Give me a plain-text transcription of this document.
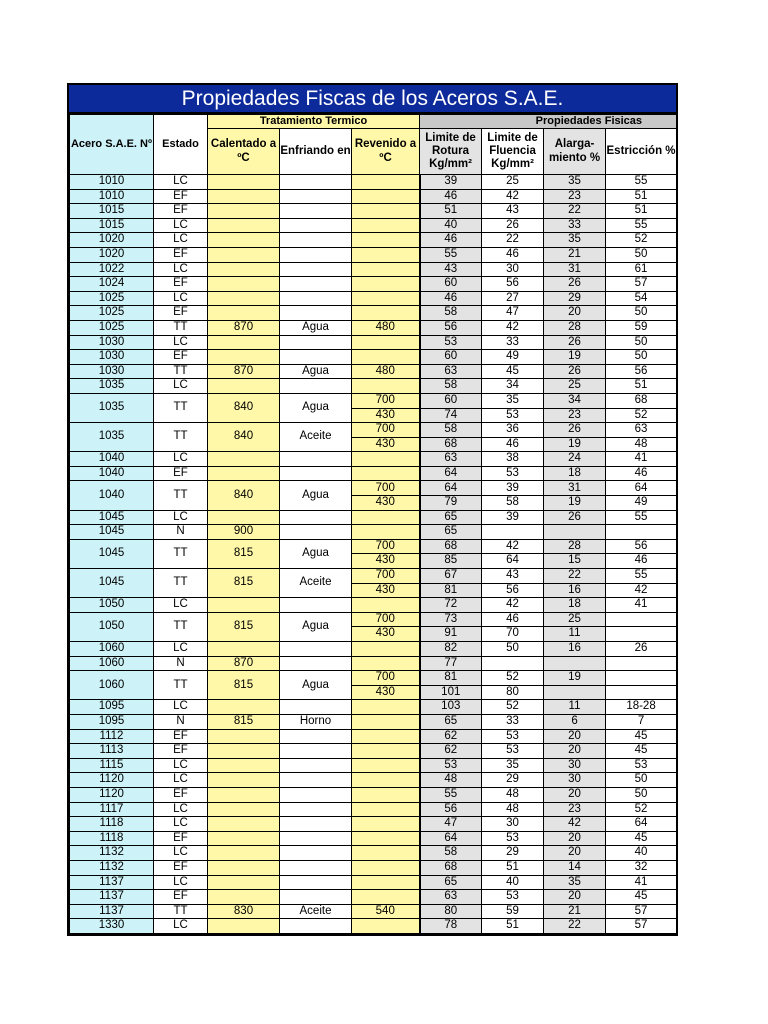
Propiedades Fiscas de los Aceros S.A.E.
Acero S.A.E. Nº	Estado	Tratamiento Termico			Propiedades Fisicas			
		Calentado a ºC	Enfriando en	Revenido a ºC	Limite de Rotura Kg/mm²	Limite de Fluencia Kg/mm²	Alarga- miento %	Estricción %
1010	LC				39	25	35	55
1010	EF				46	42	23	51
1015	EF				51	43	22	51
1015	LC				40	26	33	55
1020	LC				46	22	35	52
1020	EF				55	46	21	50
1022	LC				43	30	31	61
1024	EF				60	56	26	57
1025	LC				46	27	29	54
1025	EF				58	47	20	50
1025	TT	870	Agua	480	56	42	28	59
1030	LC				53	33	26	50
1030	EF				60	49	19	50
1030	TT	870	Agua	480	63	45	26	56
1035	LC				58	34	25	51
1035	TT	840	Agua	700	60	35	34	68
				430	74	53	23	52
1035	TT	840	Aceite	700	58	36	26	63
				430	68	46	19	48
1040	LC				63	38	24	41
1040	EF				64	53	18	46
1040	TT	840	Agua	700	64	39	31	64
				430	79	58	19	49
1045	LC				65	39	26	55
1045	N	900			65			
1045	TT	815	Agua	700	68	42	28	56
				430	85	64	15	46
1045	TT	815	Aceite	700	67	43	22	55
				430	81	56	16	42
1050	LC				72	42	18	41
1050	TT	815	Agua	700	73	46	25	
				430	91	70	11	
1060	LC				82	50	16	26
1060	N	870			77			
1060	TT	815	Agua	700	81	52	19	
				430	101	80		
1095	LC				103	52	11	18-28
1095	N	815	Horno		65	33	6	7
1112	EF				62	53	20	45
1113	EF				62	53	20	45
1115	LC				53	35	30	53
1120	LC				48	29	30	50
1120	EF				55	48	20	50
1117	LC				56	48	23	52
1118	LC				47	30	42	64
1118	EF				64	53	20	45
1132	LC				58	29	20	40
1132	EF				68	51	14	32
1137	LC				65	40	35	41
1137	EF				63	53	20	45
1137	TT	830	Aceite	540	80	59	21	57
1330	LC				78	51	22	57
